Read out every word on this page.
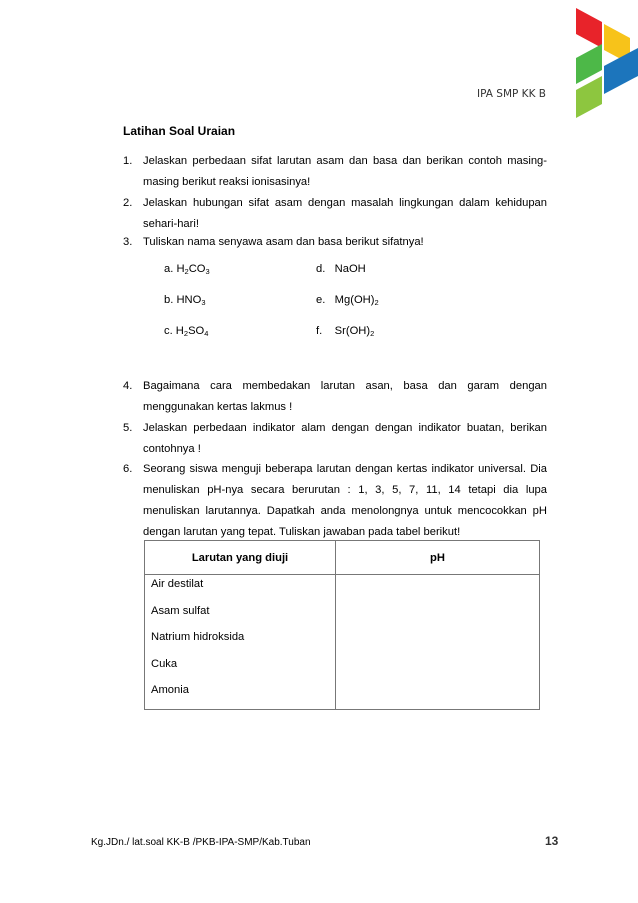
IPA SMP KK B
Latihan Soal Uraian
1. Jelaskan perbedaan sifat larutan asam dan basa dan berikan contoh masing-masing berikut reaksi ionisasinya!
2. Jelaskan hubungan sifat asam dengan masalah lingkungan dalam kehidupan sehari-hari!
3. Tuliskan nama senyawa asam dan basa berikut sifatnya!
a. $H_2CO_3$
b. $HNO_3$
c. $H_2SO_4$
d. NaOH
e. $Mg(OH)_2$
f. $Sr(OH)_2$
4. Bagaimana cara membedakan larutan asan, basa dan garam dengan menggunakan kertas lakmus !
5. Jelaskan perbedaan indikator alam dengan dengan indikator buatan, berikan contohnya !
6. Seorang siswa menguji beberapa larutan dengan kertas indikator universal. Dia menuliskan pH-nya secara berurutan : 1, 3, 5, 7, 11, 14 tetapi dia lupa menuliskan larutannya. Dapatkah anda menolongnya untuk mencocokkan pH dengan larutan yang tepat. Tuliskan jawaban pada tabel berikut!
Larutan yang diuji	pH

Air destilat
Asam sulfat
Natrium hidroksida
Cuka
Amonia	

Kg.JDn./ lat.soal KK-B /PKB-IPA-SMP/Kab.Tuban	13
